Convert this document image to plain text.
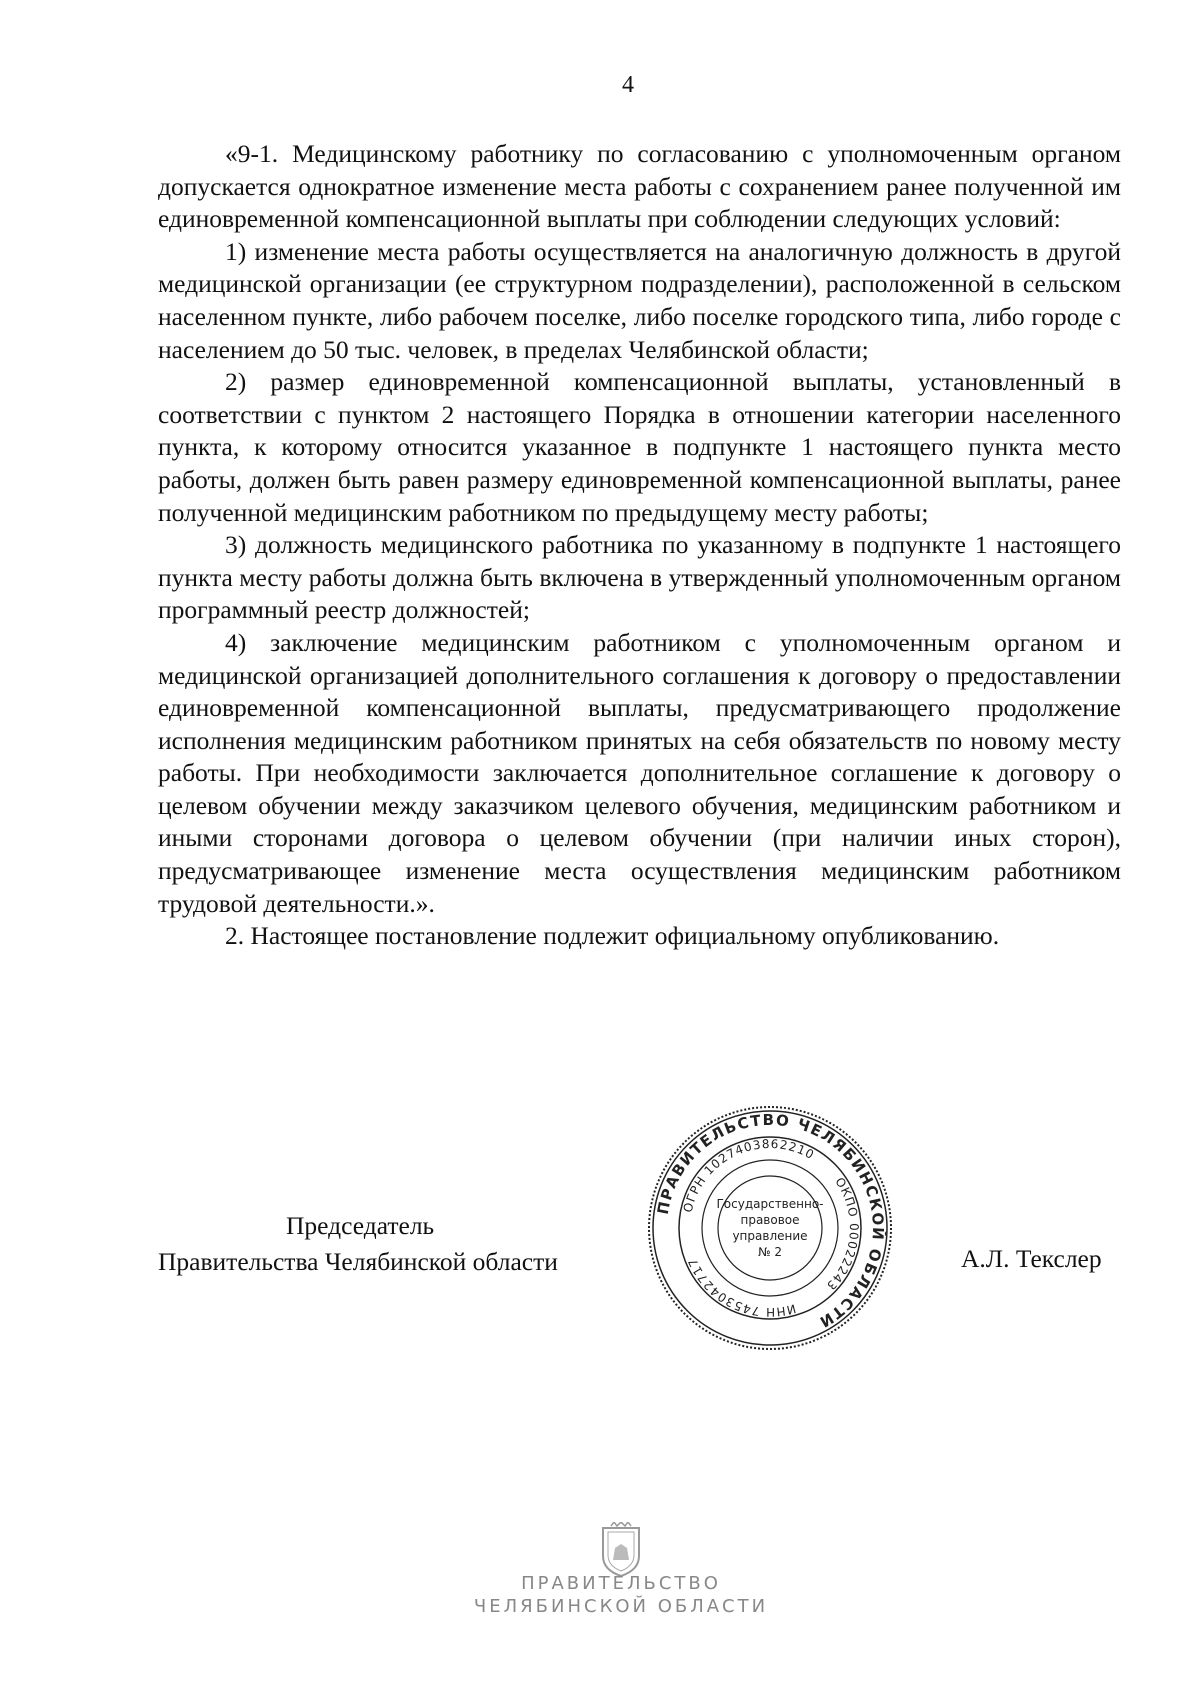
4

«9-1. Медицинскому работнику по согласованию с уполномоченным органом допускается однократное изменение места работы с сохранением ранее полученной им единовременной компенсационной выплаты при соблюдении следующих условий:

1) изменение места работы осуществляется на аналогичную должность в другой медицинской организации (ее структурном подразделении), расположенной в сельском населенном пункте, либо рабочем поселке, либо поселке городского типа, либо городе с населением до 50 тыс. человек, в пределах Челябинской области;

2) размер единовременной компенсационной выплаты, установленный в соответствии с пунктом 2 настоящего Порядка в отношении категории населенного пункта, к которому относится указанное в подпункте 1 настоящего пункта место работы, должен быть равен размеру единовременной компенсационной выплаты, ранее полученной медицинским работником по предыдущему месту работы;

3) должность медицинского работника по указанному в подпункте 1 настоящего пункта месту работы должна быть включена в утвержденный уполномоченным органом программный реестр должностей;

4) заключение медицинским работником с уполномоченным органом и медицинской организацией дополнительного соглашения к договору о предоставлении единовременной компенсационной выплаты, предусматривающего продолжение исполнения медицинским работником принятых на себя обязательств по новому месту работы. При необходимости заключается дополнительное соглашение к договору о целевом обучении между заказчиком целевого обучения, медицинским работником и иными сторонами договора о целевом обучении (при наличии иных сторон), предусматривающее изменение места осуществления медицинским работником трудовой деятельности.».

2. Настоящее постановление подлежит официальному опубликованию.

Председатель
Правительства Челябинской области	А.Л. Текслер
ПРАВИТЕЛЬСТВО ЧЕЛЯБИНСКОЙ ОБЛАСТИ
ОГРН 1027403862210
ОКПО 00022243
ИНН 7453042717
Государственно-
правовое
управление
№ 2
ПРАВИТЕЛЬСТВО
ЧЕЛЯБИНСКОЙ ОБЛАСТИ
